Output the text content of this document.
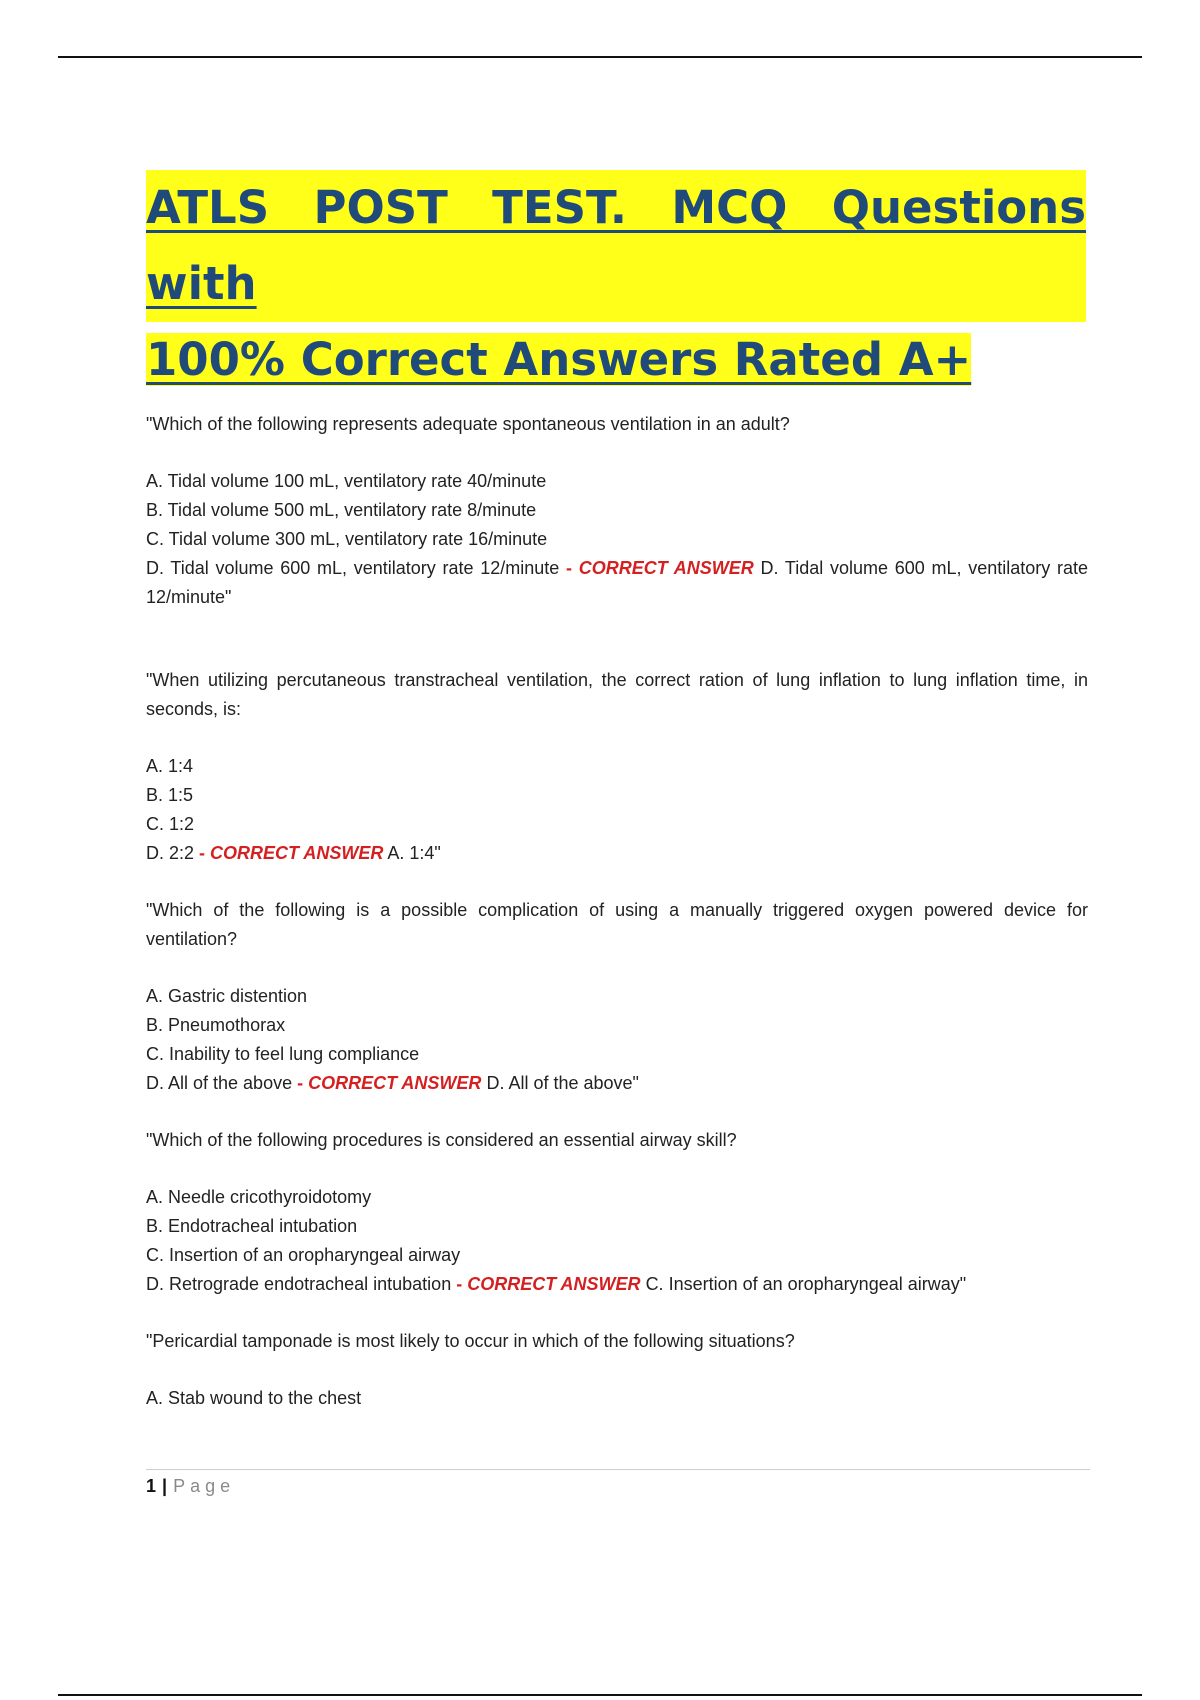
ATLS POST TEST. MCQ Questions with
100% Correct Answers Rated A+

"Which of the following represents adequate spontaneous ventilation in an adult?

A. Tidal volume 100 mL, ventilatory rate 40/minute
B. Tidal volume 500 mL, ventilatory rate 8/minute
C. Tidal volume 300 mL, ventilatory rate 16/minute
D. Tidal volume 600 mL, ventilatory rate 12/minute - CORRECT ANSWER D. Tidal volume 600 mL, ventilatory rate 12/minute"

"When utilizing percutaneous transtracheal ventilation, the correct ration of lung inflation to lung inflation time, in seconds, is:

A. 1:4
B. 1:5
C. 1:2
D. 2:2 - CORRECT ANSWER A. 1:4"

"Which of the following is a possible complication of using a manually triggered oxygen powered device for ventilation?

A. Gastric distention
B. Pneumothorax
C. Inability to feel lung compliance
D. All of the above - CORRECT ANSWER D. All of the above"

"Which of the following procedures is considered an essential airway skill?

A. Needle cricothyroidotomy
B. Endotracheal intubation
C. Insertion of an oropharyngeal airway
D. Retrograde endotracheal intubation - CORRECT ANSWER C. Insertion of an oropharyngeal airway"

"Pericardial tamponade is most likely to occur in which of the following situations?

A. Stab wound to the chest
1 | Page
